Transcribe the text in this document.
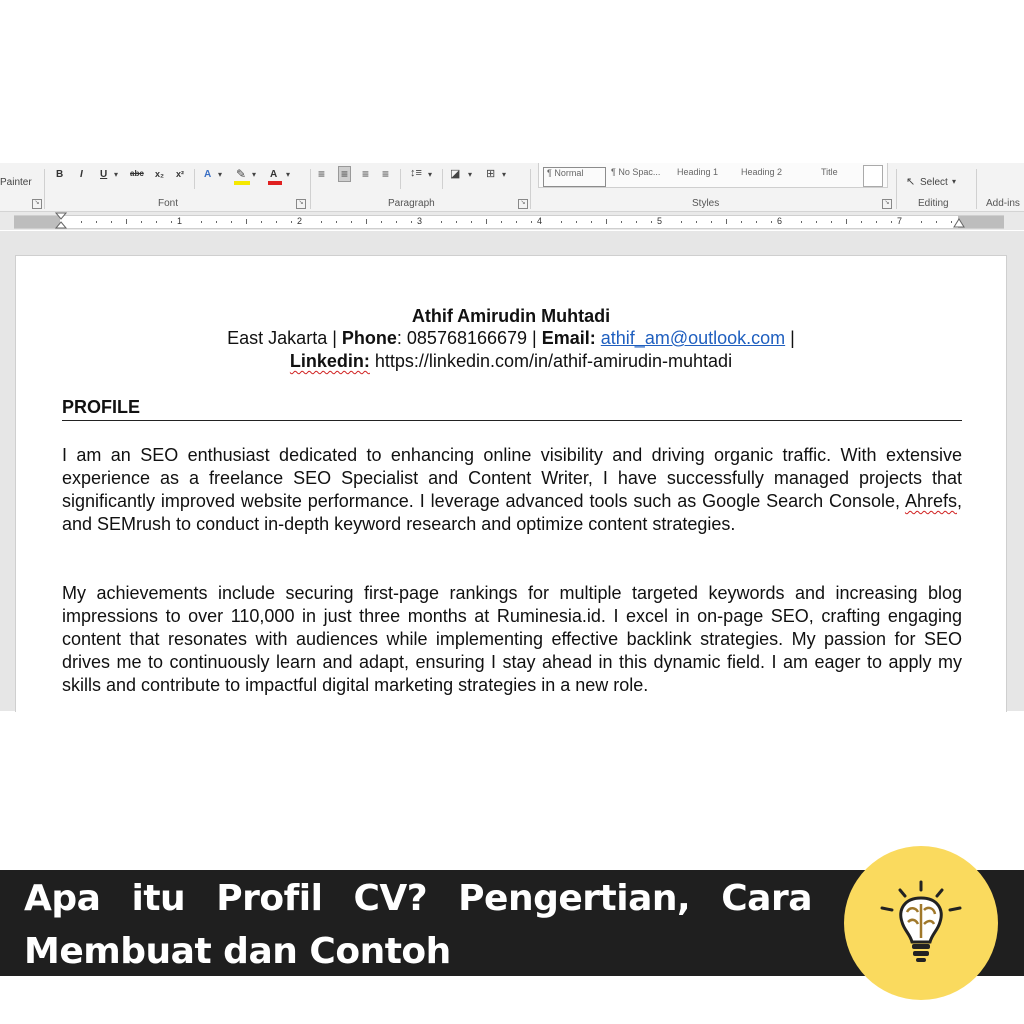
Painter
↘
B I U ▾ abc x₂ x² A ▾ ✎ ▾ A ▾
Font	↘
≡ ≡ ≡ ≡ ↕≡ ▾ ◪ ▾ ⊞ ▾
Paragraph	↘
¶ Normal	¶ No Spac...	Heading 1	Heading 2	Title
Styles	↘
↖ Select ▾
Editing	Add-ins
1	2	3	4	5	6	7
Athif Amirudin Muhtadi
East Jakarta | Phone: 085768166679 | Email: athif_am@outlook.com |
Linkedin: https://linkedin.com/in/athif-amirudin-muhtadi
PROFILE
I am an SEO enthusiast dedicated to enhancing online visibility and driving organic traffic. With extensive experience as a freelance SEO Specialist and Content Writer, I have successfully managed projects that significantly improved website performance. I leverage advanced tools such as Google Search Console, Ahrefs, and SEMrush to conduct in-depth keyword research and optimize content strategies.
My achievements include securing first-page rankings for multiple targeted keywords and increasing blog impressions to over 110,000 in just three months at Ruminesia.id. I excel in on-page SEO, crafting engaging content that resonates with audiences while implementing effective backlink strategies. My passion for SEO drives me to continuously learn and adapt, ensuring I stay ahead in this dynamic field. I am eager to apply my skills and contribute to impactful digital marketing strategies in a new role.
Apa itu Profil CV? Pengertian, Cara Membuat dan Contoh
